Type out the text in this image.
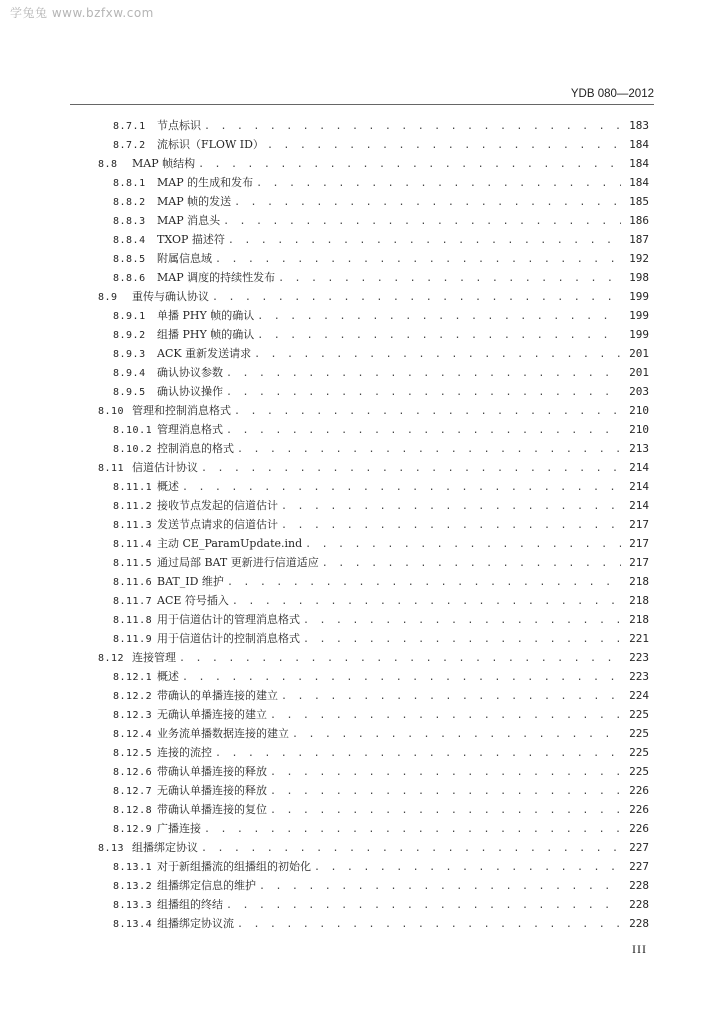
学兔兔 www.bzfxw.com
YDB 080—2012
8.7.1	节点标识 . . .	183
8.7.2	流标识（FLOW ID） . . .	184
8.8	MAP 帧结构 . . .	184
8.8.1	MAP 的生成和发布 . . .	184
8.8.2	MAP 帧的发送 . . .	185
8.8.3	MAP 消息头 . . .	186
8.8.4	TXOP 描述符 . . .	187
8.8.5	附属信息域 . . .	192
8.8.6	MAP 调度的持续性发布 . . .	198
8.9	重传与确认协议 . . .	199
8.9.1	单播 PHY 帧的确认 . . .	199
8.9.2	组播 PHY 帧的确认 . . .	199
8.9.3	ACK 重新发送请求 . . .	201
8.9.4	确认协议参数 . . .	201
8.9.5	确认协议操作 . . .	203
8.10 管理和控制消息格式 . . .	210
8.10.1 管理消息格式 . . .	210
8.10.2 控制消息的格式 . . .	213
8.11 信道估计协议 . . .	214
8.11.1 概述 . . .	214
8.11.2 接收节点发起的信道估计 . . .	214
8.11.3 发送节点请求的信道估计 . . .	217
8.11.4 主动 CE_ParamUpdate.ind . . .	217
8.11.5 通过局部 BAT 更新进行信道适应 . . .	217
8.11.6 BAT_ID 维护 . . .	218
8.11.7 ACE 符号插入 . . .	218
8.11.8 用于信道估计的管理消息格式 . . .	218
8.11.9 用于信道估计的控制消息格式 . . .	221
8.12 连接管理 . . .	223
8.12.1 概述 . . .	223
8.12.2 带确认的单播连接的建立 . . .	224
8.12.3 无确认单播连接的建立 . . .	225
8.12.4 业务流单播数据连接的建立 . . .	225
8.12.5 连接的流控 . . .	225
8.12.6 带确认单播连接的释放 . . .	225
8.12.7 无确认单播连接的释放 . . .	226
8.12.8 带确认单播连接的复位 . . .	226
8.12.9 广播连接 . . .	226
8.13 组播绑定协议 . . .	227
8.13.1 对于新组播流的组播组的初始化 . . .	227
8.13.2 组播绑定信息的维护 . . .	228
8.13.3 组播组的终结 . . .	228
8.13.4 组播绑定协议流 . . .	228
III
